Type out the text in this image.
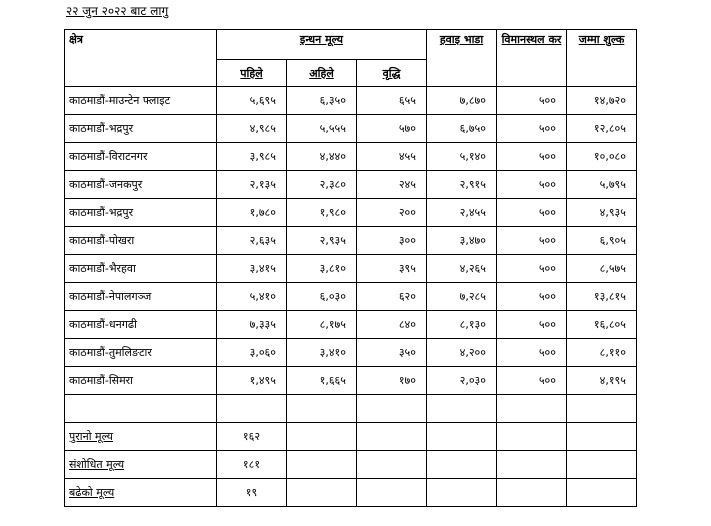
२२ जुन २०२२ बाट लागु
क्षेत्र	इन्धन मूल्य			हवाइ भाडा	विमानस्थल कर	जम्मा शुल्क
	पहिले	अहिले	वृद्धि			
काठमाडौं-माउन्टेन फ्लाइट	५,६९५	६,३५०	६५५	७,८७०	५००	१४,७२०
काठमाडौं-भद्रपुर	४,९८५	५,५५५	५७०	६,७५०	५००	१२,८०५
काठमाडौं-विराटनगर	३,९८५	४,४४०	४५५	५,१४०	५००	१०,०८०
काठमाडौं-जनकपुर	२,१३५	२,३८०	२४५	२,९१५	५००	५,७९५
काठमाडौं-भद्रपुर	१,७८०	१,९८०	२००	२,४५५	५००	४,९३५
काठमाडौं-पोखरा	२,६३५	२,९३५	३००	३,४७०	५००	६,९०५
काठमाडौं-भैरहवा	३,४१५	३,८१०	३९५	४,२६५	५००	८,५७५
काठमाडौं-नेपालगञ्ज	५,४१०	६,०३०	६२०	७,२८५	५००	१३,८१५
काठमाडौं-धनगढी	७,३३५	८,१७५	८४०	८,१३०	५००	१६,८०५
काठमाडौं-तुमलिङटार	३,०६०	३,४१०	३५०	४,२००	५००	८,११०
काठमाडौं-सिमरा	१,४९५	१,६६५	१७०	२,०३०	५००	४,१९५

पुरानो मूल्य	१६२					
संशोधित मूल्य	१८१					
बढेको मूल्य	१९					
